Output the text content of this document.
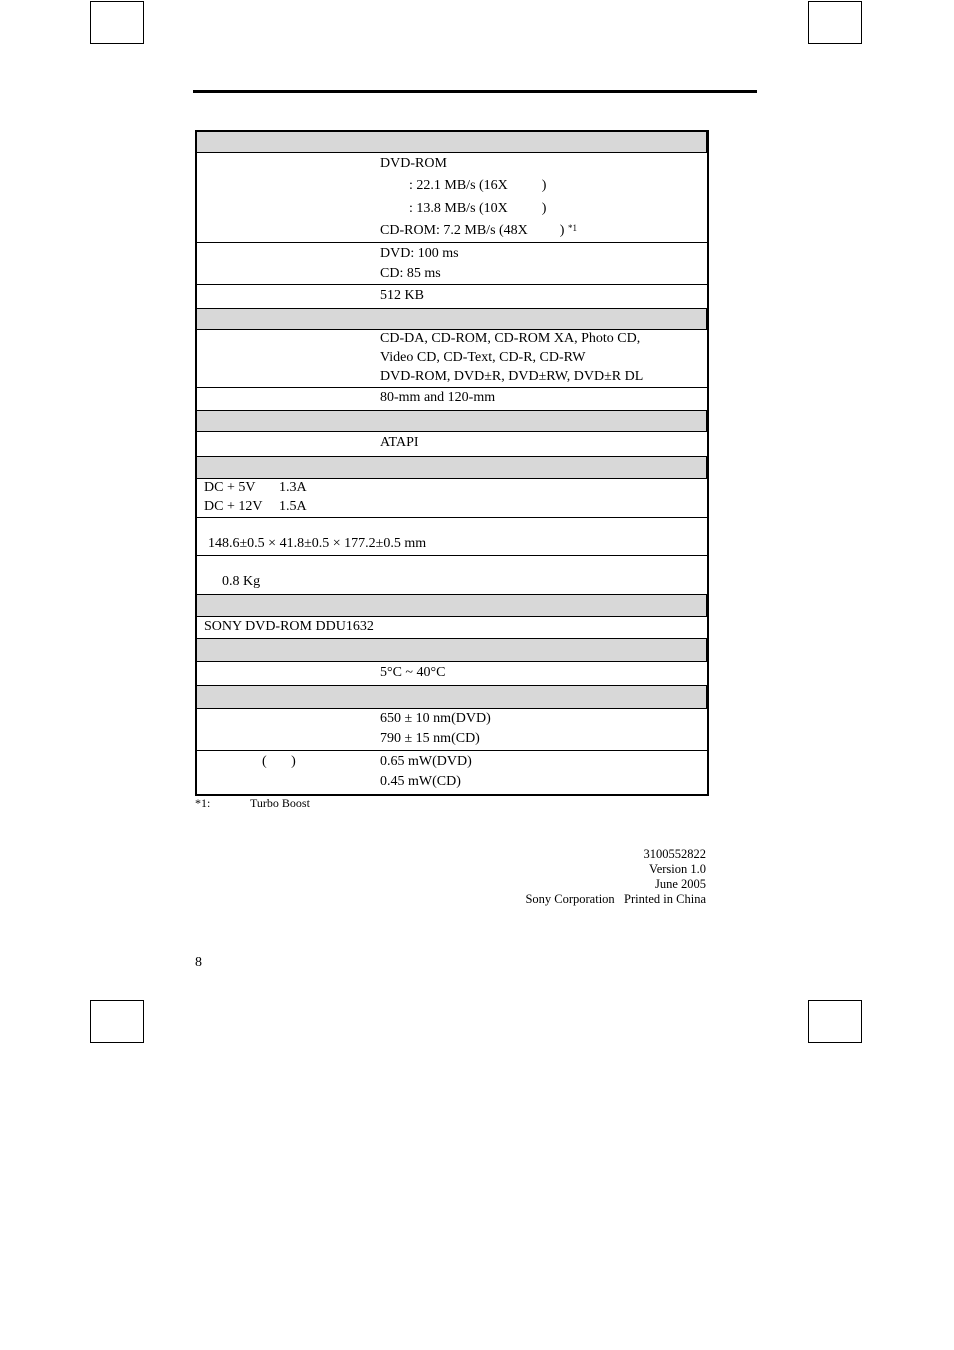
DVD-ROM
: 22.1 MB/s (16X )
: 13.8 MB/s (10X )
CD-ROM: 7.2 MB/s (48X ) $^{*1}$
DVD: 100 ms
CD: 85 ms
512 KB
CD-DA, CD-ROM, CD-ROM XA, Photo CD,
Video CD, CD-Text, CD-R, CD-RW
DVD-ROM, DVD±R, DVD±RW, DVD±R DL
80-mm and 120-mm
ATAPI
DC + 5V 1.3A
DC + 12V 1.5A
148.6±0.5 × 41.8±0.5 × 177.2±0.5 mm
0.8 Kg
SONY DVD-ROM DDU1632
5°C ~ 40°C
650 ± 10 nm(DVD)
790 ± 15 nm(CD)
(       )	0.65 mW(DVD)
0.45 mW(CD)
*1:	Turbo Boost
3100552822
Version 1.0
June 2005
Sony Corporation Printed in China
8
